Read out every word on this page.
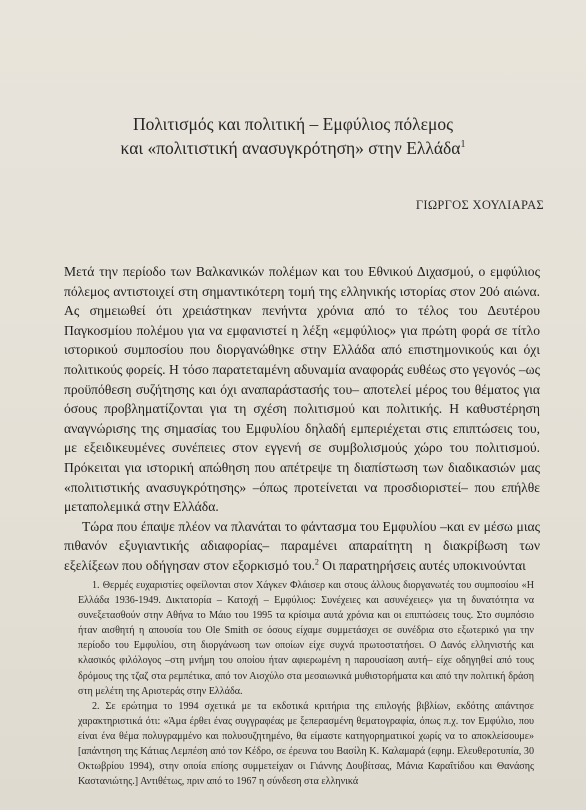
Πολιτισμός και πολιτική – Εμφύλιος πόλεμος
και «πολιτιστική ανασυγκρότηση» στην Ελλάδα$^1$
ΓΙΩΡΓΟΣ ΧΟΥΛΙΑΡΑΣ

Μετά την περίοδο των Βαλκανικών πολέμων και του Εθνικού Διχασμού, ο εμφύλιος πόλεμος αντιστοιχεί στη σημαντικότερη τομή της ελληνικής ιστορίας στον 20ό αιώνα. Ας σημειωθεί ότι χρειάστηκαν πενήντα χρόνια από το τέλος του Δευτέρου Παγκοσμίου πολέμου για να εμφανιστεί η λέξη «εμφύλιος» για πρώτη φορά σε τίτλο ιστορικού συμποσίου που διοργανώθηκε στην Ελλάδα από επιστημονικούς και όχι πολιτικούς φορείς. Η τόσο παρατεταμένη αδυναμία αναφοράς ευθέως στο γεγονός –ως προϋπόθεση συζήτησης και όχι αναπαράστασής του– αποτελεί μέρος του θέματος για όσους προβληματίζονται για τη σχέση πολιτισμού και πολιτικής. Η καθυστέρηση αναγνώρισης της σημασίας του Εμφυλίου δηλαδή εμπεριέχεται στις επιπτώσεις του, με εξειδικευμένες συνέπειες στον εγγενή σε συμβολισμούς χώρο του πολιτισμού. Πρόκειται για ιστορική απώθηση που απέτρεψε τη διαπίστωση των διαδικασιών μας «πολιτιστικής ανασυγκρότησης» –όπως προτείνεται να προσδιοριστεί– που επήλθε μεταπολεμικά στην Ελλάδα.

Τώρα που έπαψε πλέον να πλανάται το φάντασμα του Εμφυλίου –και εν μέσω μιας πιθανόν εξυγιαντικής αδιαφορίας– παραμένει απαραίτητη η διακρίβωση των εξελίξεων που οδήγησαν στον εξορκισμό του.$^2$ Οι παρατηρήσεις αυτές υποκινούνται

1. Θερμές ευχαριστίες οφείλονται στον Χάγκεν Φλάισερ και στους άλλους διοργανωτές του συμποσίου «Η Ελλάδα 1936-1949. Δικτατορία – Κατοχή – Εμφύλιος: Συνέχειες και ασυνέχειες» για τη δυνατότητα να συνεξετασθούν στην Αθήνα το Μάιο του 1995 τα κρίσιμα αυτά χρόνια και οι επιπτώσεις τους. Στο συμπόσιο ήταν αισθητή η απουσία του Ole Smith σε όσους είχαμε συμμετάσχει σε συνέδρια στο εξωτερικό για την περίοδο του Εμφυλίου, στη διοργάνωση των οποίων είχε συχνά πρωτοστατήσει. Ο Δανός ελληνιστής και κλασικός φιλόλογος –στη μνήμη του οποίου ήταν αφιερωμένη η παρουσίαση αυτή– είχε οδηγηθεί από τους δρόμους της τζαζ στα ρεμπέτικα, από τον Αισχύλο στα μεσαιωνικά μυθιστορήματα και από την πολιτική δράση στη μελέτη της Αριστεράς στην Ελλάδα.

2. Σε ερώτημα το 1994 σχετικά με τα εκδοτικά κριτήρια της επιλογής βιβλίων, εκδότης απάντησε χαρακτηριστικά ότι: «Άμα έρθει ένας συγγραφέας με ξεπερασμένη θεματογραφία, όπως π.χ. τον Εμφύλιο, που είναι ένα θέμα πολυγραμμένο και πολυσυζητημένο, θα είμαστε κατηγορηματικοί χωρίς να το αποκλείσουμε» [απάντηση της Κάτιας Λεμπέση από τον Κέδρο, σε έρευνα του Βασίλη Κ. Καλαμαρά (εφημ. Ελευθεροτυπία, 30 Οκτωβρίου 1994), στην οποία επίσης συμμετείχαν οι Γιάννης Δουβίτσας, Μάνια Καραΐτίδου και Θανάσης Καστανιώτης.] Αντιθέτως, πριν από το 1967 η σύνδεση στα ελληνικά
